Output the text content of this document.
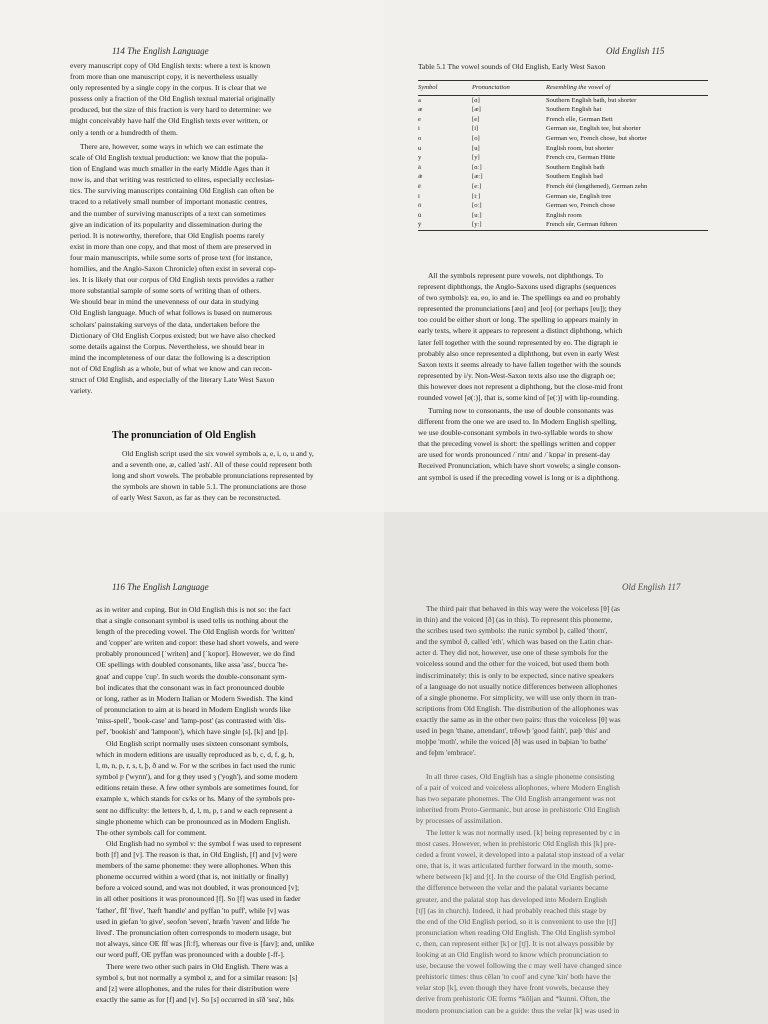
114 The English Language

every manuscript copy of Old English texts: where a text is known
from more than one manuscript copy, it is nevertheless usually
only represented by a single copy in the corpus. It is clear that we
possess only a fraction of the Old English textual material originally
produced, but the size of this fraction is very hard to determine: we
might conceivably have half the Old English texts ever written, or
only a tenth or a hundredth of them.

There are, however, some ways in which we can estimate the
scale of Old English textual production: we know that the popula-
tion of England was much smaller in the early Middle Ages than it
now is, and that writing was restricted to elites, especially ecclesias-
tics. The surviving manuscripts containing Old English can often be
traced to a relatively small number of important monastic centres,
and the number of surviving manuscripts of a text can sometimes
give an indication of its popularity and dissemination during the
period. It is noteworthy, therefore, that Old English poems rarely
exist in more than one copy, and that most of them are preserved in
four main manuscripts, while some sorts of prose text (for instance,
homilies, and the Anglo-Saxon Chronicle) often exist in several cop-
ies. It is likely that our corpus of Old English texts provides a rather
more substantial sample of some sorts of writing than of others.
We should bear in mind the unevenness of our data in studying
Old English language. Much of what follows is based on numerous
scholars' painstaking surveys of the data, undertaken before the
Dictionary of Old English Corpus existed; but we have also checked
some details against the Corpus. Nevertheless, we should bear in
mind the incompleteness of our data: the following is a description
not of Old English as a whole, but of what we know and can recon-
struct of Old English, and especially of the literary Late West Saxon
variety.

The pronunciation of Old English

Old English script used the six vowel symbols a, e, i, o, u and y,
and a seventh one, æ, called 'ash'. All of these could represent both
long and short vowels. The probable pronunciations represented by
the symbols are shown in table 5.1. The pronunciations are those
of early West Saxon, as far as they can be reconstructed.

Old English 115
Table 5.1 The vowel sounds of Old English, Early West Saxon
Symbol	Pronunciation	Resembling the vowel of
a	[ɑ]	Southern English bath, but shorter
æ	[æ]	Southern English hat
e	[e]	French elle, German Bett
i	[i]	German sie, English tee, but shorter
o	[o]	German wo, French chose, but shorter
u	[u]	English room, but shorter
y	[y]	French cru, German Hütte
ā	[ɑː]	Southern English bath
ǣ	[æː]	Southern English bad
ē	[eː]	French été (lengthened), German zehn
ī	[iː]	German sie, English tree
ō	[oː]	German wo, French chose
ū	[uː]	English room
ȳ	[yː]	French sûr, German führen

All the symbols represent pure vowels, not diphthongs. To
represent diphthongs, the Anglo-Saxons used digraphs (sequences
of two symbols): ea, eo, io and ie. The spellings ea and eo probably
represented the pronunciations [æɑ] and [eo] (or perhaps [eu]); they
too could be either short or long. The spelling io appears mainly in
early texts, where it appears to represent a distinct diphthong, which
later fell together with the sound represented by eo. The digraph ie
probably also once represented a diphthong, but even in early West
Saxon texts it seems already to have fallen together with the sounds
represented by i/y. Non-West-Saxon texts also use the digraph oe;
this however does not represent a diphthong, but the close-mid front
rounded vowel [ø(ː)], that is, some kind of [e(ː)] with lip-rounding.

Turning now to consonants, the use of double consonants was
different from the one we are used to. In Modern English spelling,
we use double-consonant symbols in two-syllable words to show
that the preceding vowel is short: the spellings written and copper
are used for words pronounced /ˈrɪtn/ and /ˈkɒpə/ in present-day
Received Pronunciation, which have short vowels; a single conson-
ant symbol is used if the preceding vowel is long or is a diphthong.

116 The English Language

as in writer and coping. But in Old English this is not so: the fact
that a single consonant symbol is used tells us nothing about the
length of the preceding vowel. The Old English words for 'written'
and 'copper' are writen and copor: these had short vowels, and were
probably pronounced [ˈwriten] and [ˈkopor]. However, we do find
OE spellings with doubled consonants, like assa 'ass', bucca 'he-
goat' and cuppe 'cup'. In such words the double-consonant sym-
bol indicates that the consonant was in fact pronounced double
or long, rather as in Modern Italian or Modern Swedish. The kind
of pronunciation to aim at is heard in Modern English words like
'miss-spell', 'book-case' and 'lamp-post' (as contrasted with 'dis-
pel', 'bookish' and 'lampoon'), which have single [s], [k] and [p].

Old English script normally uses sixteen consonant symbols,
which in modern editions are usually reproduced as b, c, d, f, g, h,
l, m, n, p, r, s, t, þ, ð and w. For w the scribes in fact used the runic
symbol ƿ ('wynn'), and for g they used ȝ ('yogh'), and some modern
editions retain these. A few other symbols are sometimes found, for
example x, which stands for cs/ks or hs. Many of the symbols pre-
sent no difficulty: the letters b, d, l, m, p, t and w each represent a
single phoneme which can be pronounced as in Modern English.
The other symbols call for comment.

Old English had no symbol v: the symbol f was used to represent
both [f] and [v]. The reason is that, in Old English, [f] and [v] were
members of the same phoneme: they were allophones. When this
phoneme occurred within a word (that is, not initially or finally)
before a voiced sound, and was not doubled, it was pronounced [v];
in all other positions it was pronounced [f]. So [f] was used in fæder
'father', fīf 'five', 'hæft 'handle' and pyffan 'to puff', while [v] was
used in giefan 'to give', seofon 'seven', hræfn 'raven' and lifde 'he
lived'. The pronunciation often corresponds to modern usage, but
not always, since OE fīf was [fiːf], whereas our five is [faɪv]; and, unlike
our word puff, OE pyffan was pronounced with a double [-ff-].

There were two other such pairs in Old English. There was a
symbol s, but not normally a symbol z, and for a similar reason: [s]
and [z] were allophones, and the rules for their distribution were
exactly the same as for [f] and [v]. So [s] occurred in sīð 'sea', hūs

Old English 117

The third pair that behaved in this way were the voiceless [θ] (as
in thin) and the voiced [ð] (as in this). To represent this phoneme,
the scribes used two symbols: the runic symbol þ, called 'thorn',
and the symbol ð, called 'eth', which was based on the Latin char-
acter d. They did not, however, use one of these symbols for the
voiceless sound and the other for the voiced, but used them both
indiscriminately; this is only to be expected, since native speakers
of a language do not usually notice differences between allophones
of a single phoneme. For simplicity, we will use only thorn in tran-
scriptions from Old English. The distribution of the allophones was
exactly the same as in the other two pairs: thus the voiceless [θ] was
used in þegn 'thane, attendant', trēowþ 'good faith', pæþ 'this' and
moþþe 'moth', while the voiced [ð] was used in baþian 'to bathe'
and feþm 'embrace'.

In all three cases, Old English has a single phoneme consisting
of a pair of voiced and voiceless allophones, where Modern English
has two separate phonemes. The Old English arrangement was not
inherited from Proto-Germanic, but arose in prehistoric Old English
by processes of assimilation.

The letter k was not normally used. [k] being represented by c in
most cases. However, when in prehistoric Old English this [k] pre-
ceded a front vowel, it developed into a palatal stop instead of a velar
one, that is, it was articulated further forward in the mouth, some-
where between [k] and [t]. In the course of the Old English period,
the difference between the velar and the palatal variants became
greater, and the palatal stop has developed into Modern English
[tʃ] (as in church). Indeed, it had probably reached this stage by
the end of the Old English period, so it is convenient to use the [tʃ]
pronunciation when reading Old English. The Old English symbol
c, then, can represent either [k] or [tʃ]. It is not always possible by
looking at an Old English word to know which pronunciation to
use, because the vowel following the c may well have changed since
prehistoric times: thus cēlan 'to cool' and cyne 'kin' both have the
velar stop [k], even though they have front vowels, because they
derive from prehistoric OE forms *kōljan and *kunni. Often, the
modern pronunciation can be a guide: thus the velar [k] was used in
